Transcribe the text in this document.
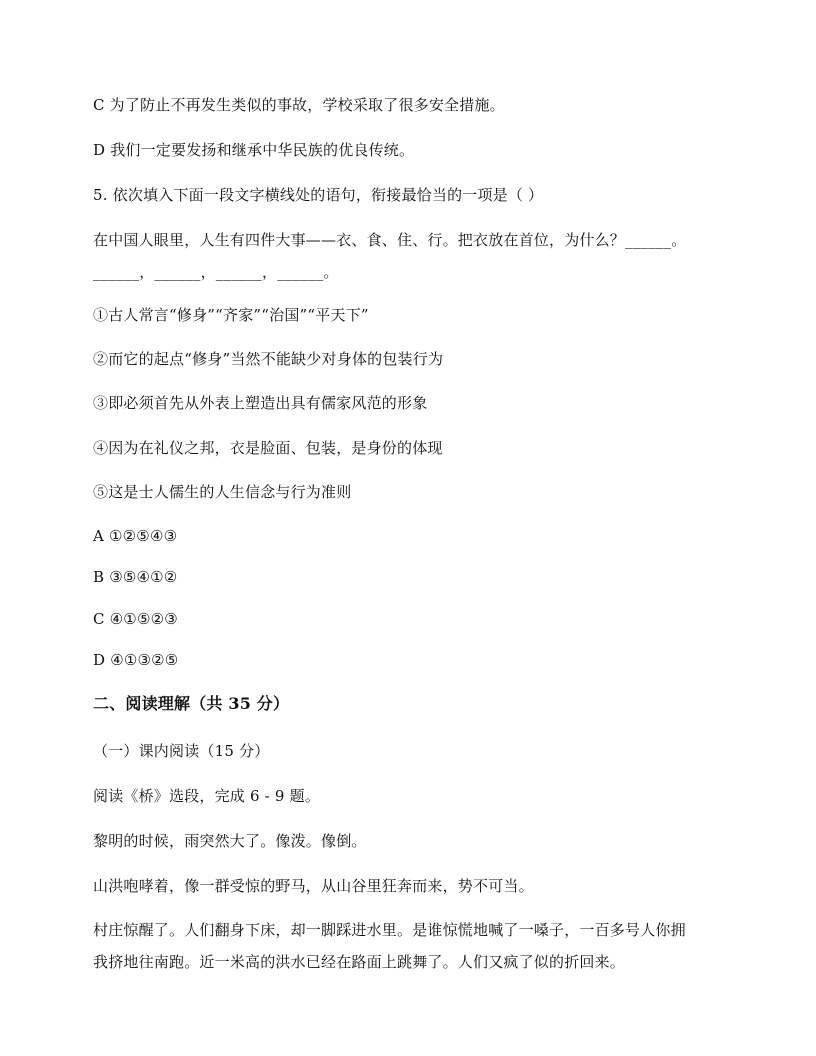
C 为了防止不再发生类似的事故，学校采取了很多安全措施。
D 我们一定要发扬和继承中华民族的优良传统。
5. 依次填入下面一段文字横线处的语句，衔接最恰当的一项是（ ）
在中国人眼里，人生有四件大事——衣、食、住、行。把衣放在首位，为什么？______。
______，______，______，______。
①古人常言“修身”“齐家”“治国”“平天下”
②而它的起点“修身”当然不能缺少对身体的包装行为
③即必须首先从外表上塑造出具有儒家风范的形象
④因为在礼仪之邦，衣是脸面、包装，是身份的体现
⑤这是士人儒生的人生信念与行为准则
A ①②⑤④③
B ③⑤④①②
C ④①⑤②③
D ④①③②⑤
二、阅读理解（共 35 分）
（一）课内阅读（15 分）
阅读《桥》选段，完成 6 - 9 题。
黎明的时候，雨突然大了。像泼。像倒。
山洪咆哮着，像一群受惊的野马，从山谷里狂奔而来，势不可当。
村庄惊醒了。人们翻身下床，却一脚踩进水里。是谁惊慌地喊了一嗓子，一百多号人你拥
我挤地往南跑。近一米高的洪水已经在路面上跳舞了。人们又疯了似的折回来。
